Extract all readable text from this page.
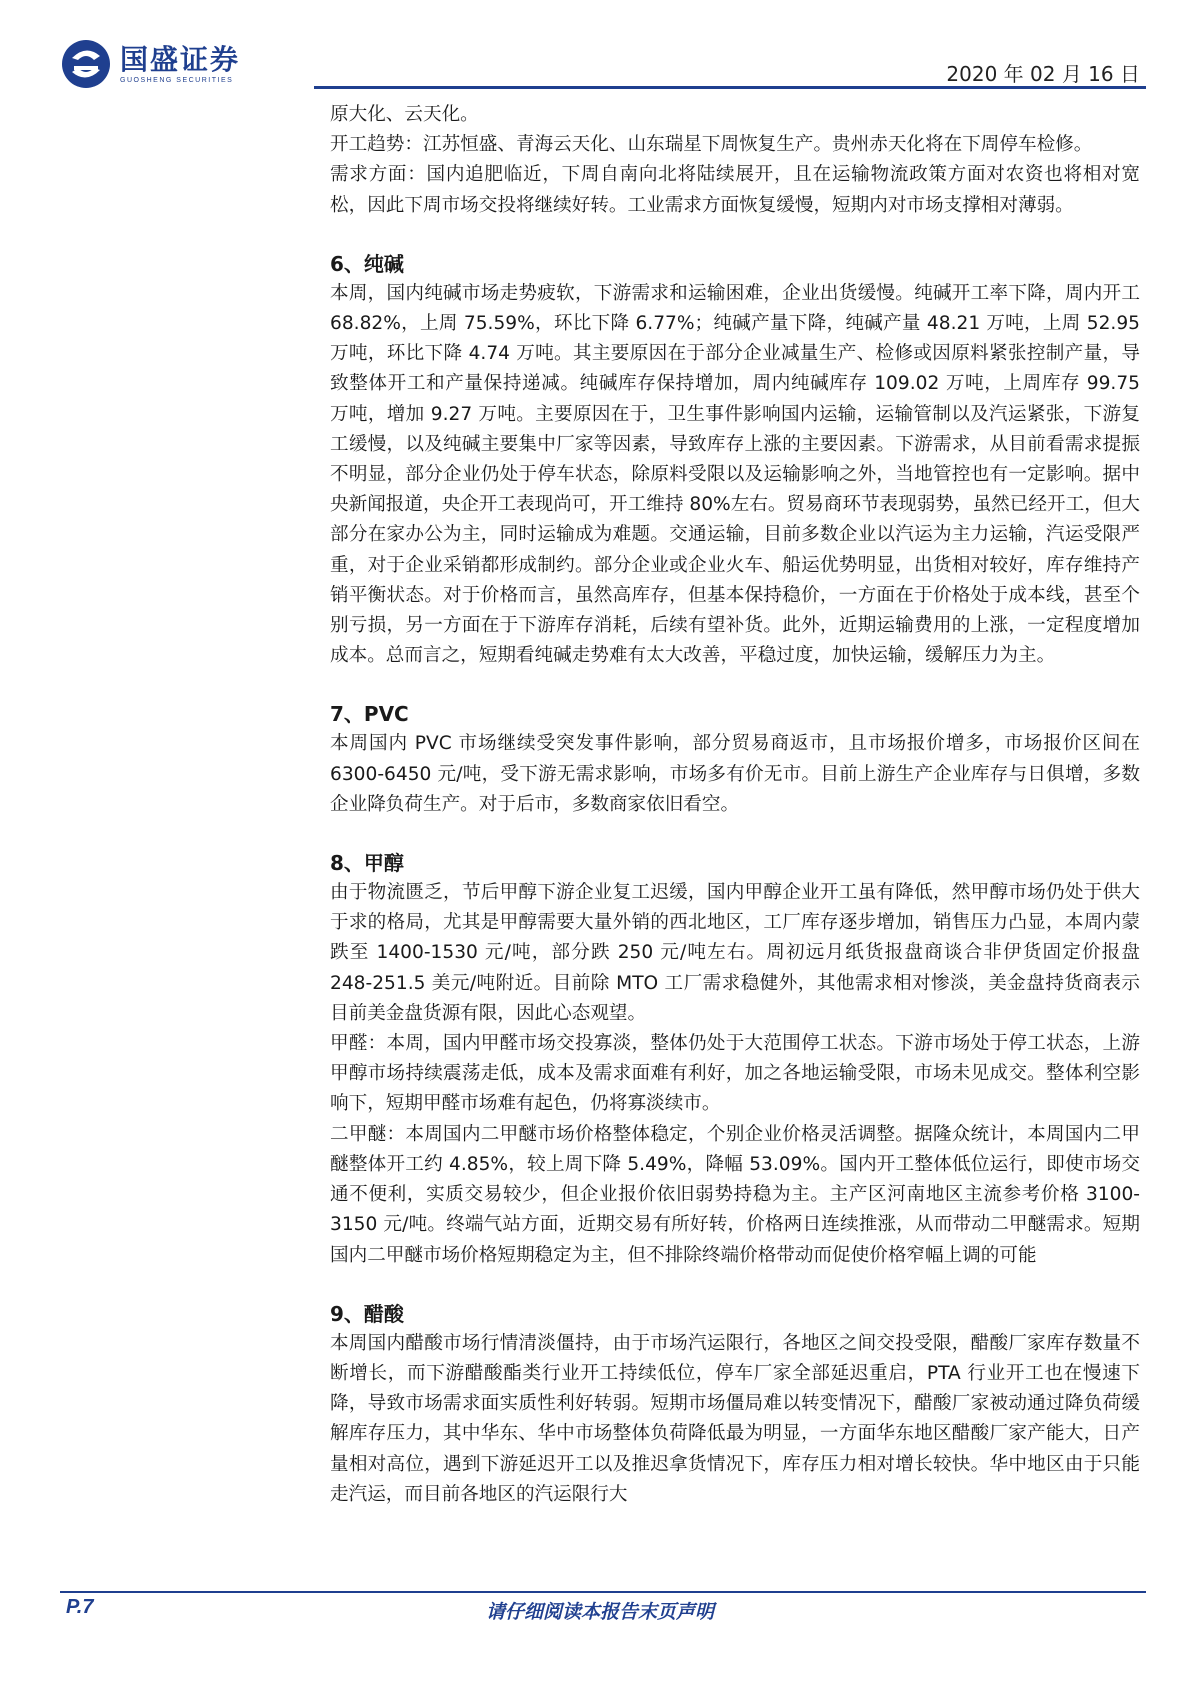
国盛证券
GUOSHENG SECURITIES	2020 年 02 月 16 日

原大化、云天化。

开工趋势：江苏恒盛、青海云天化、山东瑞星下周恢复生产。贵州赤天化将在下周停车检修。

需求方面：国内追肥临近，下周自南向北将陆续展开，且在运输物流政策方面对农资也将相对宽松，因此下周市场交投将继续好转。工业需求方面恢复缓慢，短期内对市场支撑相对薄弱。

6、纯碱

本周，国内纯碱市场走势疲软，下游需求和运输困难，企业出货缓慢。纯碱开工率下降，周内开工 68.82%，上周 75.59%，环比下降 6.77%；纯碱产量下降，纯碱产量 48.21 万吨，上周 52.95 万吨，环比下降 4.74 万吨。其主要原因在于部分企业减量生产、检修或因原料紧张控制产量，导致整体开工和产量保持递减。纯碱库存保持增加，周内纯碱库存 109.02 万吨，上周库存 99.75 万吨，增加 9.27 万吨。主要原因在于，卫生事件影响国内运输，运输管制以及汽运紧张，下游复工缓慢，以及纯碱主要集中厂家等因素，导致库存上涨的主要因素。下游需求，从目前看需求提振不明显，部分企业仍处于停车状态，除原料受限以及运输影响之外，当地管控也有一定影响。据中央新闻报道，央企开工表现尚可，开工维持 80%左右。贸易商环节表现弱势，虽然已经开工，但大部分在家办公为主，同时运输成为难题。交通运输，目前多数企业以汽运为主力运输，汽运受限严重，对于企业采销都形成制约。部分企业或企业火车、船运优势明显，出货相对较好，库存维持产销平衡状态。对于价格而言，虽然高库存，但基本保持稳价，一方面在于价格处于成本线，甚至个别亏损，另一方面在于下游库存消耗，后续有望补货。此外，近期运输费用的上涨，一定程度增加成本。总而言之，短期看纯碱走势难有太大改善，平稳过度，加快运输，缓解压力为主。

7、PVC

本周国内 PVC 市场继续受突发事件影响，部分贸易商返市，且市场报价增多，市场报价区间在 6300-6450 元/吨，受下游无需求影响，市场多有价无市。目前上游生产企业库存与日俱增，多数企业降负荷生产。对于后市，多数商家依旧看空。

8、甲醇

由于物流匮乏，节后甲醇下游企业复工迟缓，国内甲醇企业开工虽有降低，然甲醇市场仍处于供大于求的格局，尤其是甲醇需要大量外销的西北地区，工厂库存逐步增加，销售压力凸显，本周内蒙跌至 1400-1530 元/吨，部分跌 250 元/吨左右。周初远月纸货报盘商谈合非伊货固定价报盘 248-251.5 美元/吨附近。目前除 MTO 工厂需求稳健外，其他需求相对惨淡，美金盘持货商表示目前美金盘货源有限，因此心态观望。

甲醛：本周，国内甲醛市场交投寡淡，整体仍处于大范围停工状态。下游市场处于停工状态，上游甲醇市场持续震荡走低，成本及需求面难有利好，加之各地运输受限，市场未见成交。整体利空影响下，短期甲醛市场难有起色，仍将寡淡续市。

二甲醚：本周国内二甲醚市场价格整体稳定，个别企业价格灵活调整。据隆众统计，本周国内二甲醚整体开工约 4.85%，较上周下降 5.49%，降幅 53.09%。国内开工整体低位运行，即使市场交通不便利，实质交易较少，但企业报价依旧弱势持稳为主。主产区河南地区主流参考价格 3100-3150 元/吨。终端气站方面，近期交易有所好转，价格两日连续推涨，从而带动二甲醚需求。短期国内二甲醚市场价格短期稳定为主，但不排除终端价格带动而促使价格窄幅上调的可能

9、醋酸

本周国内醋酸市场行情清淡僵持，由于市场汽运限行，各地区之间交投受限，醋酸厂家库存数量不断增长，而下游醋酸酯类行业开工持续低位，停车厂家全部延迟重启，PTA 行业开工也在慢速下降，导致市场需求面实质性利好转弱。短期市场僵局难以转变情况下，醋酸厂家被动通过降负荷缓解库存压力，其中华东、华中市场整体负荷降低最为明显，一方面华东地区醋酸厂家产能大，日产量相对高位，遇到下游延迟开工以及推迟拿货情况下，库存压力相对增长较快。华中地区由于只能走汽运，而目前各地区的汽运限行大

P.7	请仔细阅读本报告末页声明
